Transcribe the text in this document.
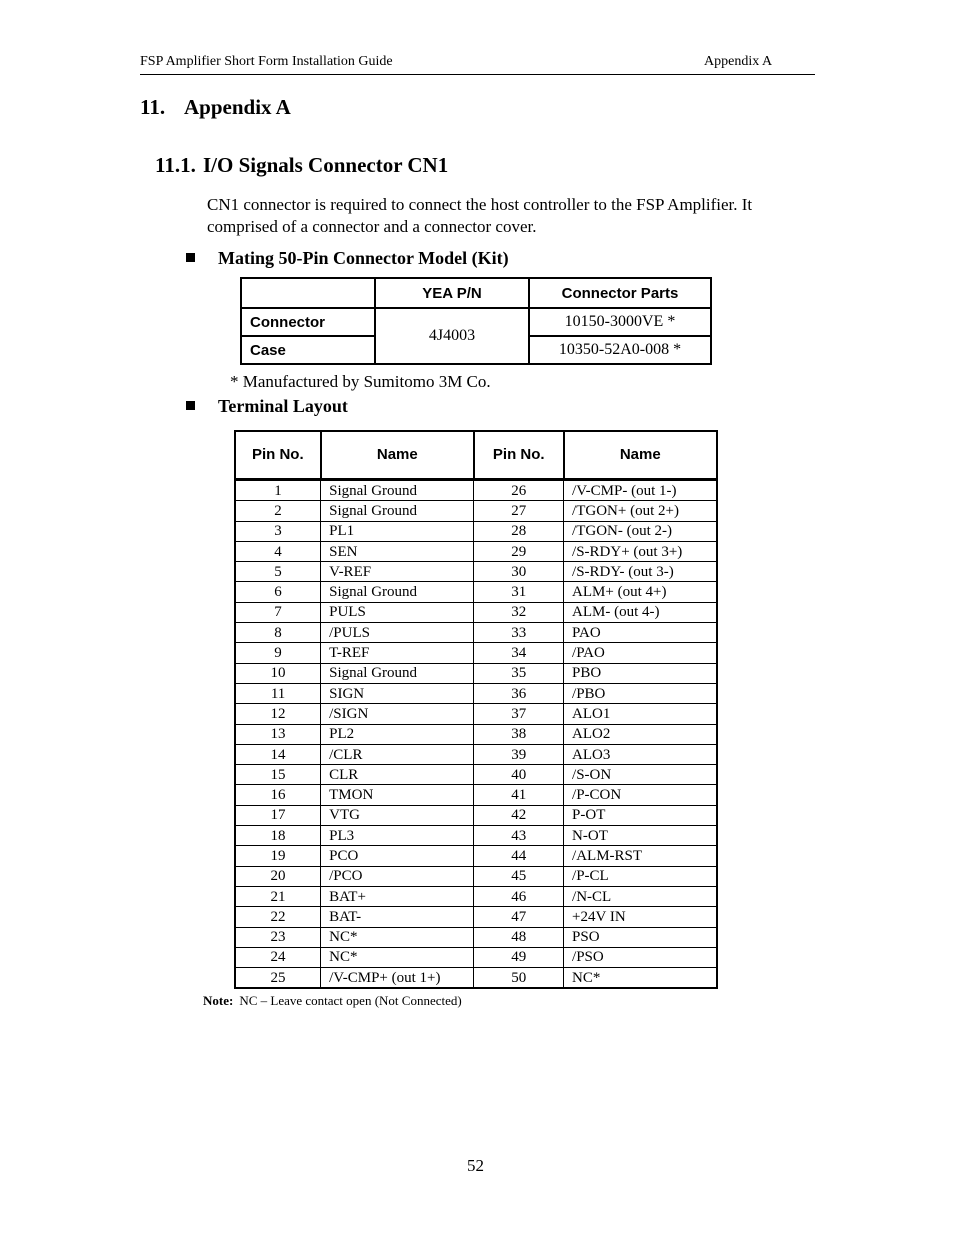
FSP Amplifier Short Form Installation Guide	Appendix A
11. Appendix A
11.1. I/O Signals Connector CN1
CN1 connector is required to connect the host controller to the FSP Amplifier. It comprised of a connector and a connector cover.
Mating 50-Pin Connector Model (Kit)
	YEA P/N	Connector Parts
Connector	4J4003	10150-3000VE *
Case		10350-52A0-008 *
* Manufactured by Sumitomo 3M Co.
Terminal Layout
Pin No.	Name	Pin No.	Name
1	Signal Ground	26	/V-CMP- (out 1-)
2	Signal Ground	27	/TGON+ (out 2+)
3	PL1	28	/TGON- (out 2-)
4	SEN	29	/S-RDY+ (out 3+)
5	V-REF	30	/S-RDY- (out 3-)
6	Signal Ground	31	ALM+ (out 4+)
7	PULS	32	ALM- (out 4-)
8	/PULS	33	PAO
9	T-REF	34	/PAO
10	Signal Ground	35	PBO
11	SIGN	36	/PBO
12	/SIGN	37	ALO1
13	PL2	38	ALO2
14	/CLR	39	ALO3
15	CLR	40	/S-ON
16	TMON	41	/P-CON
17	VTG	42	P-OT
18	PL3	43	N-OT
19	PCO	44	/ALM-RST
20	/PCO	45	/P-CL
21	BAT+	46	/N-CL
22	BAT-	47	+24V IN
23	NC*	48	PSO
24	NC*	49	/PSO
25	/V-CMP+ (out 1+)	50	NC*
Note: NC – Leave contact open (Not Connected)
52
